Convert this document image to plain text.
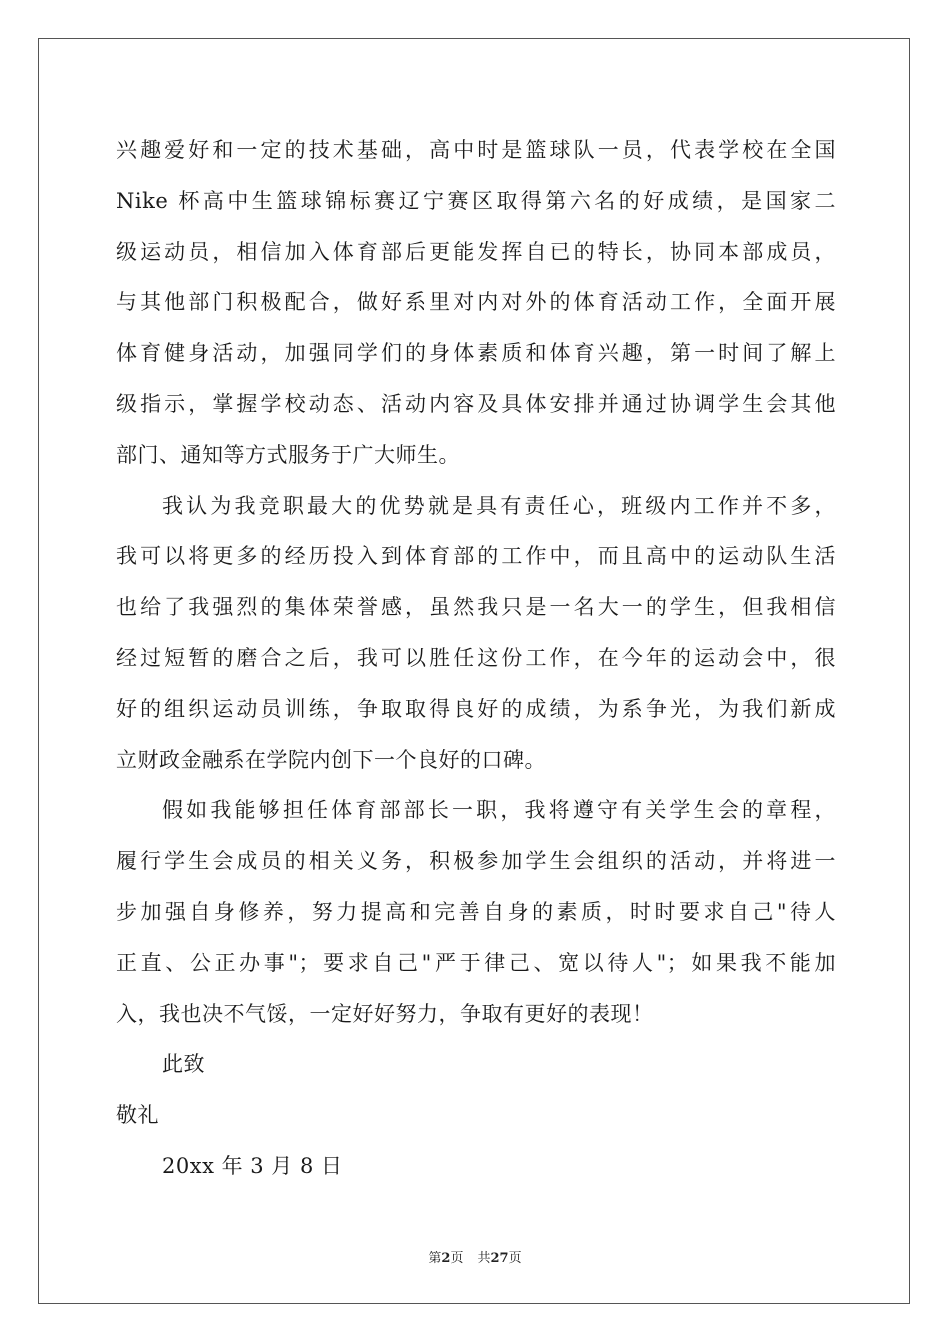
兴趣爱好和一定的技术基础，高中时是篮球队一员，代表学校在全国
Nike 杯高中生篮球锦标赛辽宁赛区取得第六名的好成绩，是国家二
级运动员，相信加入体育部后更能发挥自已的特长，协同本部成员，
与其他部门积极配合，做好系里对内对外的体育活动工作，全面开展
体育健身活动，加强同学们的身体素质和体育兴趣，第一时间了解上
级指示，掌握学校动态、活动内容及具体安排并通过协调学生会其他
部门、通知等方式服务于广大师生。
我认为我竞职最大的优势就是具有责任心，班级内工作并不多，
我可以将更多的经历投入到体育部的工作中，而且高中的运动队生活
也给了我强烈的集体荣誉感，虽然我只是一名大一的学生，但我相信
经过短暂的磨合之后，我可以胜任这份工作，在今年的运动会中，很
好的组织运动员训练，争取取得良好的成绩，为系争光，为我们新成
立财政金融系在学院内创下一个良好的口碑。
假如我能够担任体育部部长一职，我将遵守有关学生会的章程，
履行学生会成员的相关义务，积极参加学生会组织的活动，并将进一
步加强自身修养，努力提高和完善自身的素质，时时要求自己"待人
正直、公正办事"；要求自己"严于律己、宽以待人"；如果我不能加
入，我也决不气馁，一定好好努力，争取有更好的表现！
此致
敬礼
20xx 年 3 月 8 日
第2页 共27页
